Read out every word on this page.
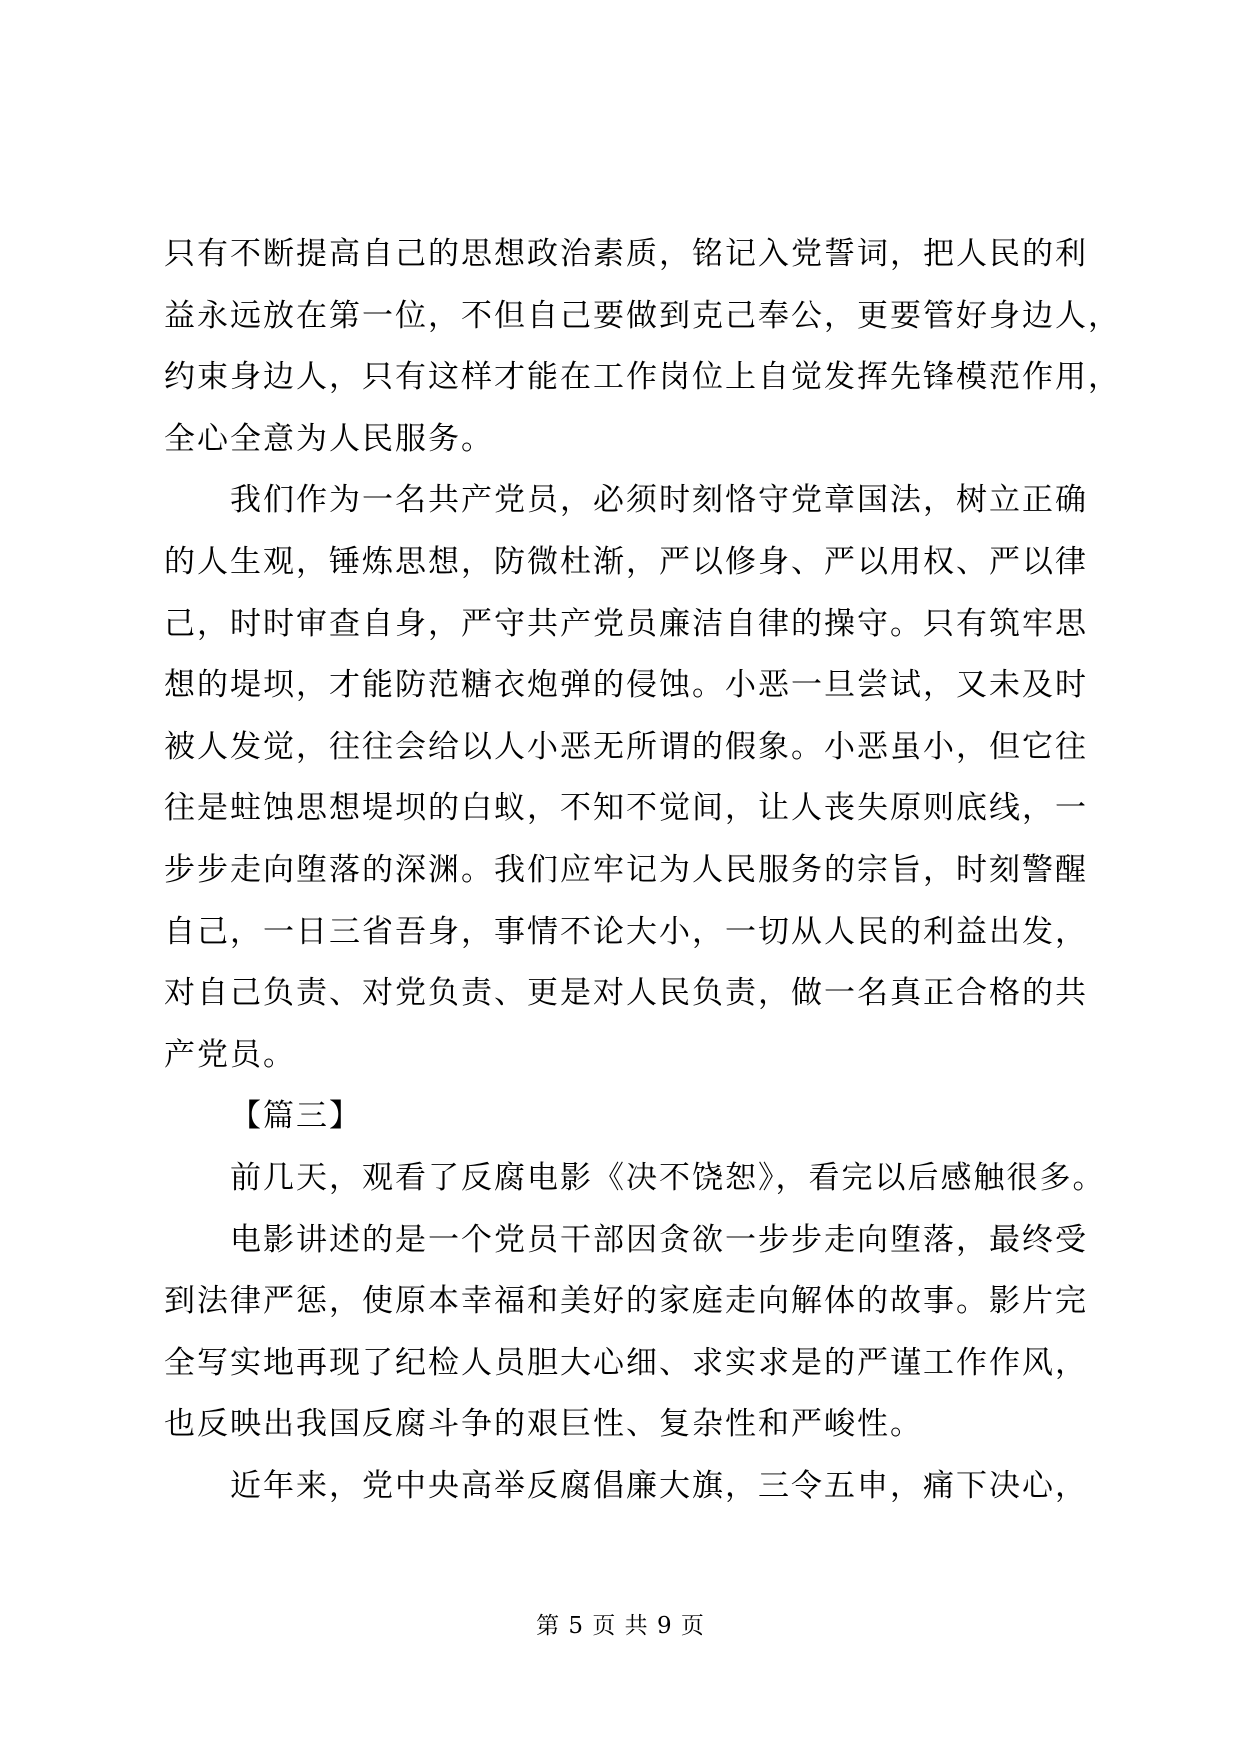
只有不断提高自己的思想政治素质，铭记入党誓词，把人民的利
益永远放在第一位，不但自己要做到克己奉公，更要管好身边人，
约束身边人，只有这样才能在工作岗位上自觉发挥先锋模范作用，
全心全意为人民服务。
我们作为一名共产党员，必须时刻恪守党章国法，树立正确
的人生观，锤炼思想，防微杜渐，严以修身、严以用权、严以律
己，时时审查自身，严守共产党员廉洁自律的操守。只有筑牢思
想的堤坝，才能防范糖衣炮弹的侵蚀。小恶一旦尝试，又未及时
被人发觉，往往会给以人小恶无所谓的假象。小恶虽小，但它往
往是蛀蚀思想堤坝的白蚁，不知不觉间，让人丧失原则底线，一
步步走向堕落的深渊。我们应牢记为人民服务的宗旨，时刻警醒
自己，一日三省吾身，事情不论大小，一切从人民的利益出发，
对自己负责、对党负责、更是对人民负责，做一名真正合格的共
产党员。
【篇三】
前几天，观看了反腐电影《决不饶恕》，看完以后感触很多。
电影讲述的是一个党员干部因贪欲一步步走向堕落，最终受
到法律严惩，使原本幸福和美好的家庭走向解体的故事。影片完
全写实地再现了纪检人员胆大心细、求实求是的严谨工作作风，
也反映出我国反腐斗争的艰巨性、复杂性和严峻性。
近年来，党中央高举反腐倡廉大旗，三令五申，痛下决心，
第 5 页 共 9 页
